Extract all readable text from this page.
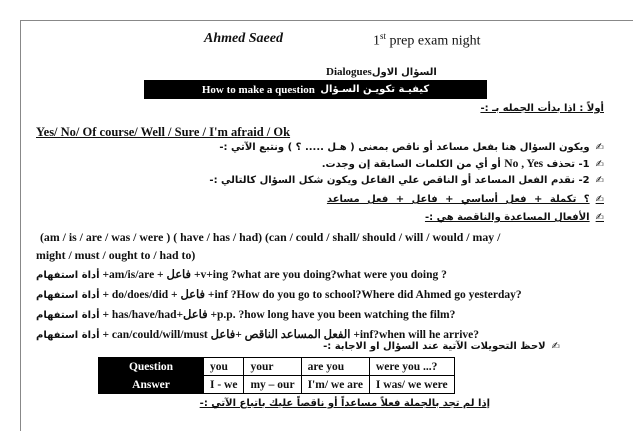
Ahmed Saeed	1st prep exam night
Dialoguesالسؤال الاول
How to make a question
كيفيـة تكويـن السـؤال
أولاً : اذا بدأت الجمله بـ :-
Yes/ No/ Of course/ Well / Sure / I'm afraid / Ok
✍ويكون السؤال هنا بفعل مساعد أو ناقص بمعنى ( هـل ..... ؟ ) ونتبع الآتي :-
✍1- تحذف No , Yes أو أي من الكلمات السابقة إن وجدت.
✍2- نقدم الفعل المساعد أو الناقص علي الفاعل ويكون شكل السؤال كالتالي :-
✍؟ تكملة + فعل أساسي + فاعل + فعل مساعد
✍الأفعال المساعدة والناقصة هي :-
(am / is / are / was / were ) ( have / has / had) (can / could / shall/ should / will / would / may /
might / must / ought to / had to)
أداة استفهام +am/is/are + فاعل +v+ing ?what are you doing?what were you doing ?
أداة استفهام + do/does/did + فاعل +inf ?How do you go to school?Where did Ahmed go yesterday?
أداة استفهام + has/have/had+فاعل +p.p. ?how long have you been watching the film?
أداة استفهام + can/could/will/must الفعل المساعد الناقص +فاعل +inf?when will he arrive?
✍لاحظ التحويلات الآتية عند السؤال او الاجابة :-
Question	you	your	are you	were you ...?
Answer	I - we	my – our	I'm/ we are	I was/ we were
إذا لم تجد بالجملة فعلاً مساعداً أو ناقصاً عليك باتباع الآتي :-
